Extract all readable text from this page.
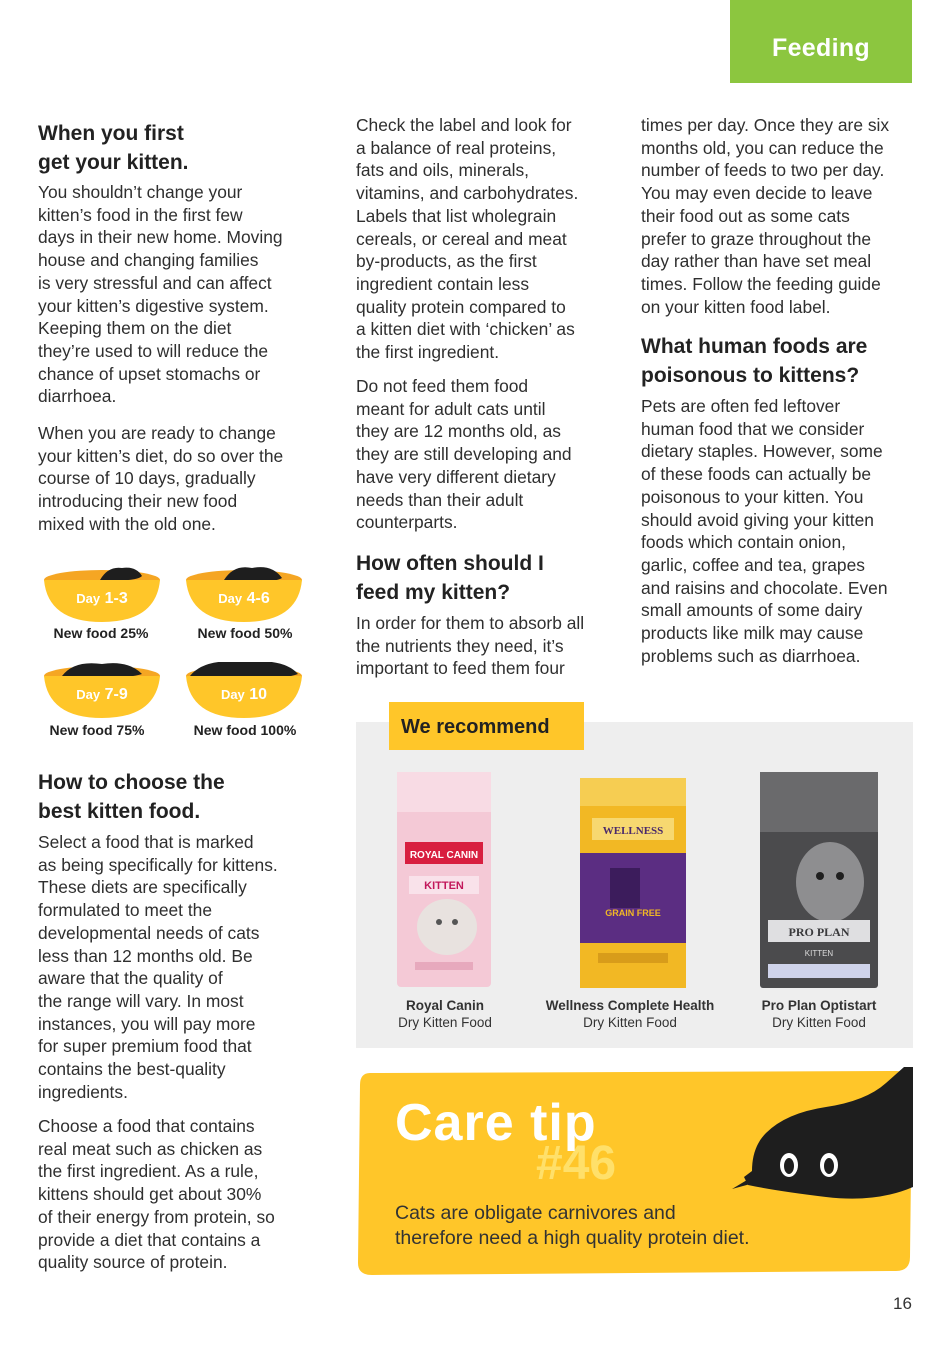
Feeding
When you first
get your kitten.

You shouldn’t change your
kitten’s food in the first few
days in their new home. Moving
house and changing families
is very stressful and can affect
your kitten’s digestive system.
Keeping them on the diet
they’re used to will reduce the
chance of upset stomachs or
diarrhoea.

When you are ready to change
your kitten’s diet, do so over the
course of 10 days, gradually
introducing their new food
mixed with the old one.

Day 1-3
New food 25%
Day 4-6
New food 50%
Day 7-9
New food 75%
Day 10
New food 100%
How to choose the
best kitten food.

Select a food that is marked
as being specifically for kittens.
These diets are specifically
formulated to meet the
developmental needs of cats
less than 12 months old. Be
aware that the quality of
the range will vary. In most
instances, you will pay more
for super premium food that
contains the best-quality
ingredients.

Choose a food that contains
real meat such as chicken as
the first ingredient. As a rule,
kittens should get about 30%
of their energy from protein, so
provide a diet that contains a
quality source of protein.

Check the label and look for
a balance of real proteins,
fats and oils, minerals,
vitamins, and carbohydrates.
Labels that list wholegrain
cereals, or cereal and meat
by-products, as the first
ingredient contain less
quality protein compared to
a kitten diet with ‘chicken’ as
the first ingredient.

Do not feed them food
meant for adult cats until
they are 12 months old, as
they are still developing and
have very different dietary
needs than their adult
counterparts.

How often should I
feed my kitten?

In order for them to absorb all
the nutrients they need, it’s
important to feed them four

times per day. Once they are six
months old, you can reduce the
number of feeds to two per day.
You may even decide to leave
their food out as some cats
prefer to graze throughout the
day rather than have set meal
times. Follow the feeding guide
on your kitten food label.

What human foods are
poisonous to kittens?

Pets are often fed leftover
human food that we consider
dietary staples. However, some
of these foods can actually be
poisonous to your kitten. You
should avoid giving your kitten
foods which contain onion,
garlic, coffee and tea, grapes
and raisins and chocolate. Even
small amounts of some dairy
products like milk may cause
problems such as diarrhoea.

We recommend
ROYAL CANIN
KITTEN
Royal Canin
Dry Kitten Food
WELLNESS
GRAIN FREE
Wellness Complete Health
Dry Kitten Food
PRO PLAN
KITTEN
Pro Plan Optistart
Dry Kitten Food
#46
Care tip
Cats are obligate carnivores and
therefore need a high quality protein diet.
16
